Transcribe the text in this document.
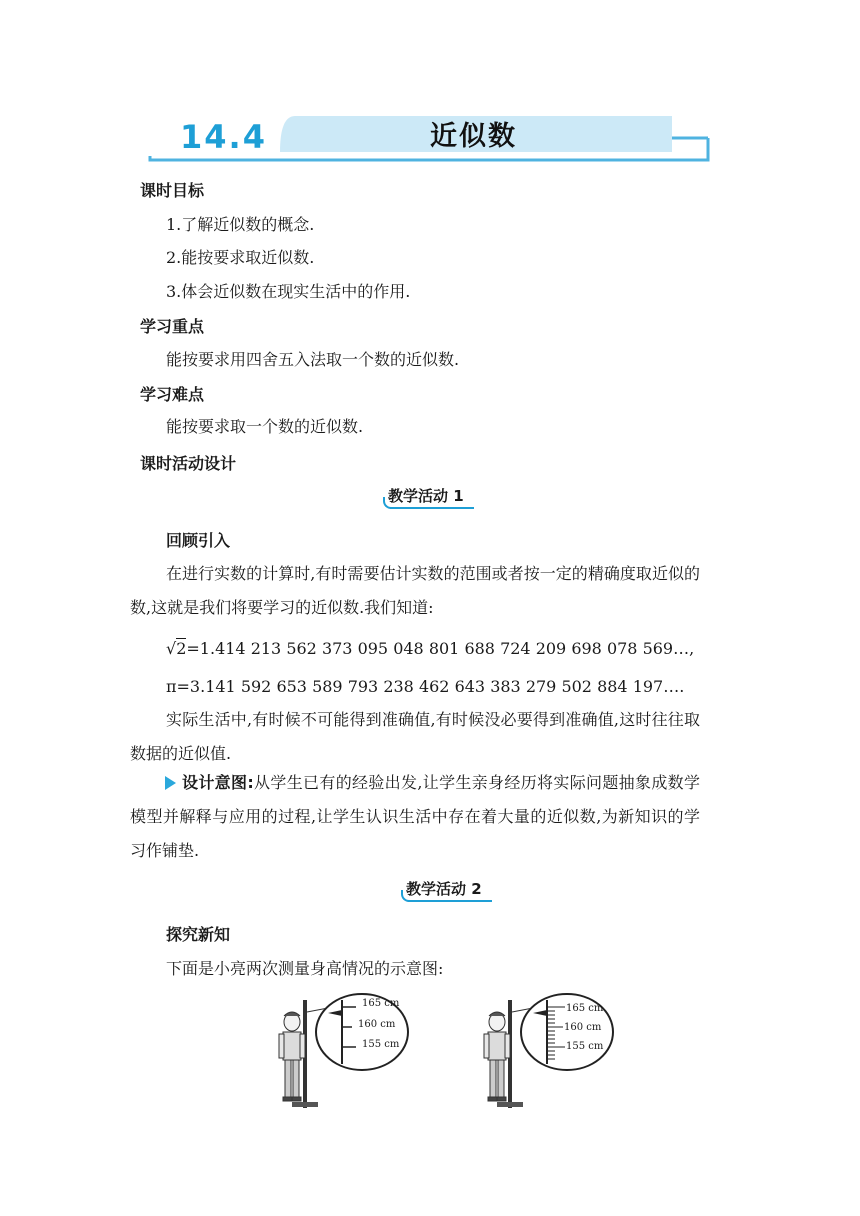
14.4	近似数
课时目标
1.了解近似数的概念.
2.能按要求取近似数.
3.体会近似数在现实生活中的作用.
学习重点
能按要求用四舍五入法取一个数的近似数.
学习难点
能按要求取一个数的近似数.
课时活动设计
教学活动 1
回顾引入
在进行实数的计算时,有时需要估计实数的范围或者按一定的精确度取近似的数,这就是我们将要学习的近似数.我们知道:
√2=1.414 213 562 373 095 048 801 688 724 209 698 078 569…,
π=3.141 592 653 589 793 238 462 643 383 279 502 884 197….
实际生活中,有时候不可能得到准确值,有时候没必要得到准确值,这时往往取数据的近似值.
设计意图:从学生已有的经验出发,让学生亲身经历将实际问题抽象成数学模型并解释与应用的过程,让学生认识生活中存在着大量的近似数,为新知识的学习作铺垫.
教学活动 2
探究新知
下面是小亮两次测量身高情况的示意图:
165 cm
160 cm
155 cm
165 cm
160 cm
155 cm
